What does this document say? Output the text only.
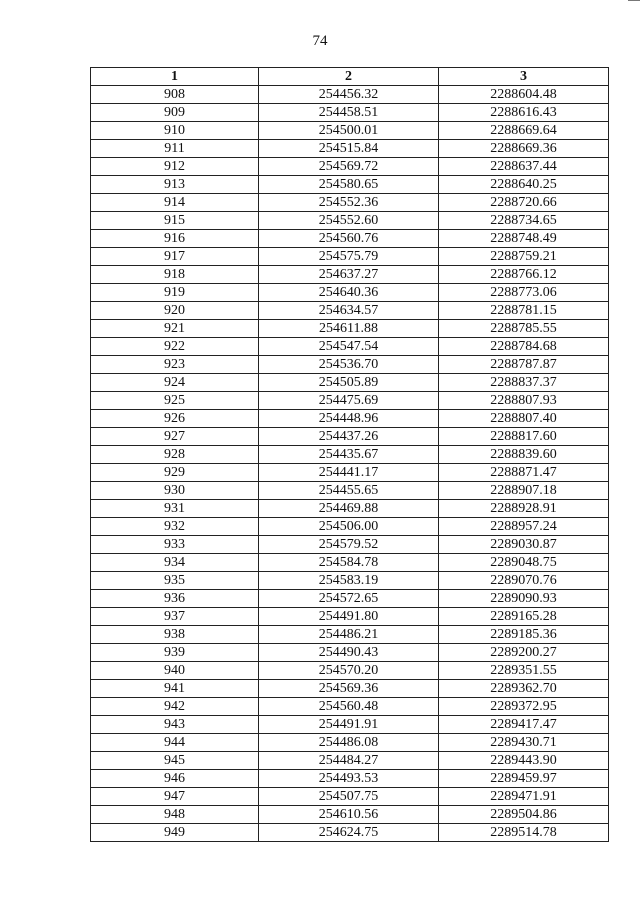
74
1	2	3
908	254456.32	2288604.48
909	254458.51	2288616.43
910	254500.01	2288669.64
911	254515.84	2288669.36
912	254569.72	2288637.44
913	254580.65	2288640.25
914	254552.36	2288720.66
915	254552.60	2288734.65
916	254560.76	2288748.49
917	254575.79	2288759.21
918	254637.27	2288766.12
919	254640.36	2288773.06
920	254634.57	2288781.15
921	254611.88	2288785.55
922	254547.54	2288784.68
923	254536.70	2288787.87
924	254505.89	2288837.37
925	254475.69	2288807.93
926	254448.96	2288807.40
927	254437.26	2288817.60
928	254435.67	2288839.60
929	254441.17	2288871.47
930	254455.65	2288907.18
931	254469.88	2288928.91
932	254506.00	2288957.24
933	254579.52	2289030.87
934	254584.78	2289048.75
935	254583.19	2289070.76
936	254572.65	2289090.93
937	254491.80	2289165.28
938	254486.21	2289185.36
939	254490.43	2289200.27
940	254570.20	2289351.55
941	254569.36	2289362.70
942	254560.48	2289372.95
943	254491.91	2289417.47
944	254486.08	2289430.71
945	254484.27	2289443.90
946	254493.53	2289459.97
947	254507.75	2289471.91
948	254610.56	2289504.86
949	254624.75	2289514.78
